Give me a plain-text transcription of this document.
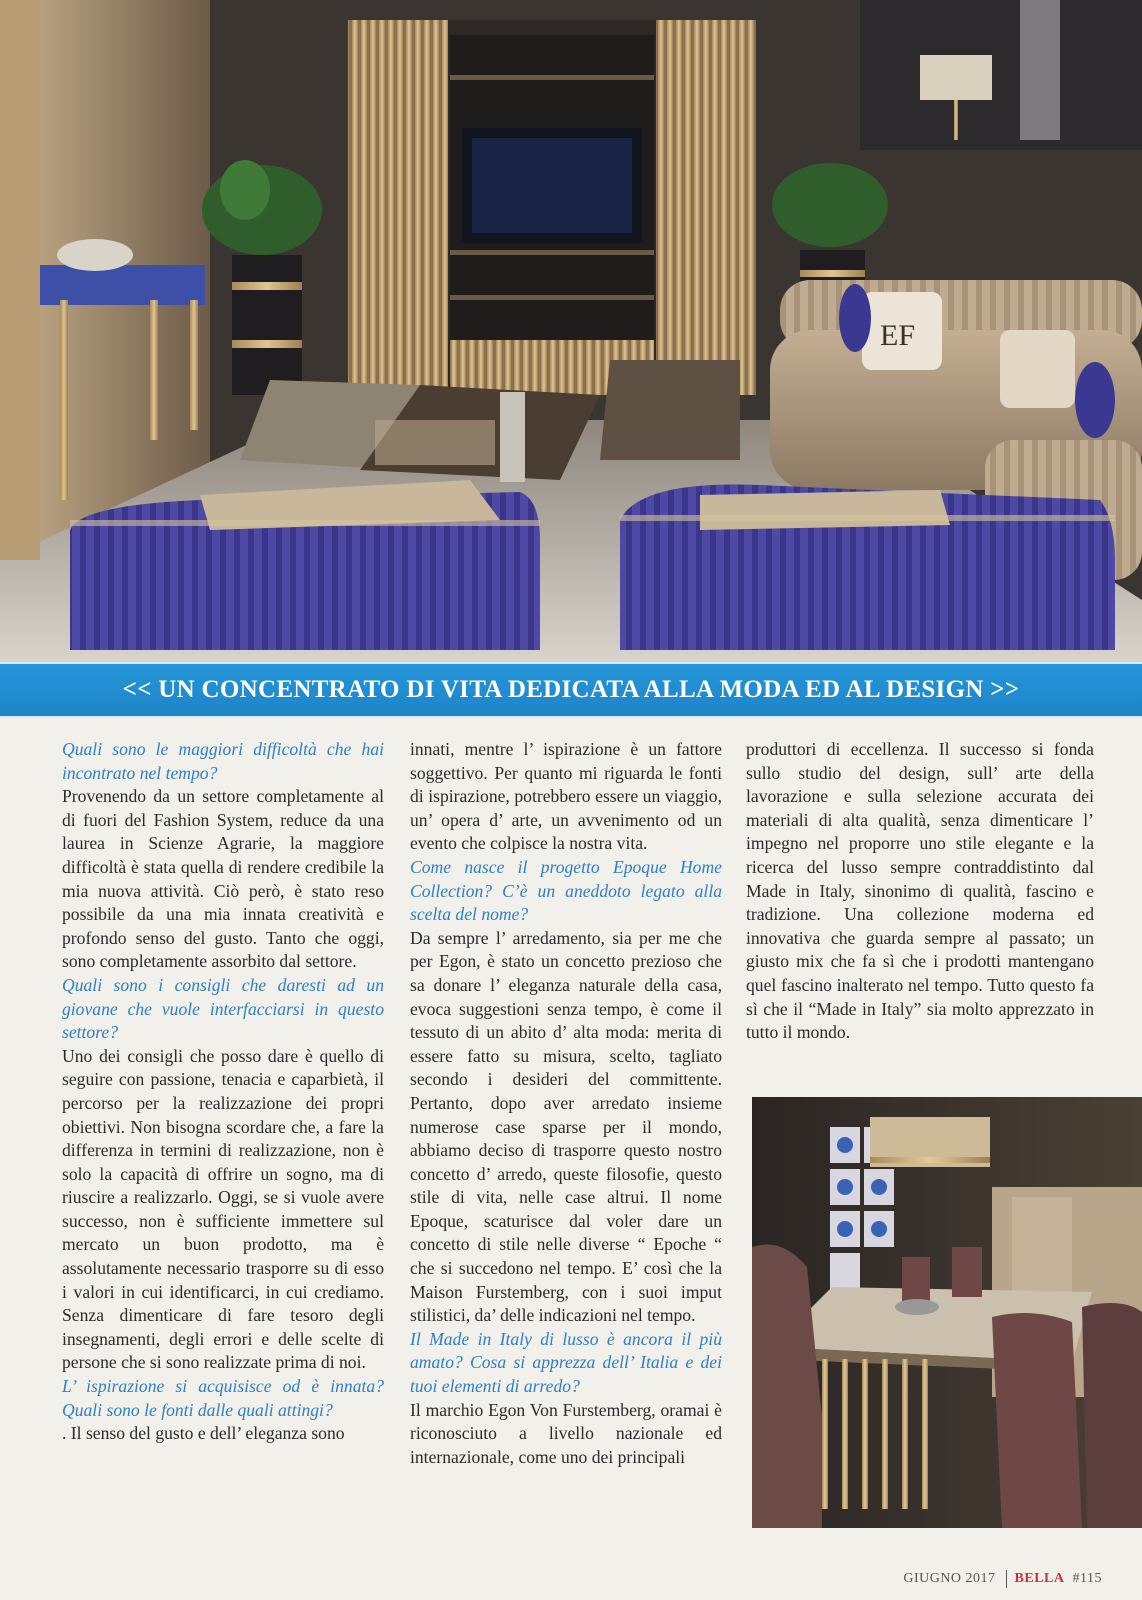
EF
<< UN CONCENTRATO DI VITA DEDICATA ALLA MODA ED AL DESIGN >>

Quali sono le maggiori difficoltà che hai incontrato nel tempo?

Provenendo da un settore completamente al di fuori del Fashion System, reduce da una laurea in Scienze Agrarie, la maggiore difficoltà è stata quella di rendere credibile la mia nuova attività. Ciò però, è stato reso possibile da una mia innata creatività e profondo senso del gusto. Tanto che oggi, sono completamente assorbito dal settore.

Quali sono i consigli che daresti ad un giovane che vuole interfacciarsi in questo settore?

Uno dei consigli che posso dare è quello di seguire con passione, tenacia e caparbietà, il percorso per la realizzazione dei propri obiettivi. Non bisogna scordare che, a fare la differenza in termini di realizzazione, non è solo la capacità di offrire un sogno, ma di riuscire a realizzarlo. Oggi, se si vuole avere successo, non è sufficiente immettere sul mercato un buon prodotto, ma è assolutamente necessario trasporre su di esso i valori in cui identificarci, in cui crediamo. Senza dimenticare di fare tesoro degli insegnamenti, degli errori e delle scelte di persone che si sono realizzate prima di noi.

L’ ispirazione si acquisisce od è innata? Quali sono le fonti dalle quali attingi?

. Il senso del gusto e dell’ eleganza sono

innati, mentre l’ ispirazione è un fattore soggettivo. Per quanto mi riguarda le fonti di ispirazione, potrebbero essere un viaggio, un’ opera d’ arte, un avvenimento od un evento che colpisce la nostra vita.

Come nasce il progetto Epoque Home Collection? C’è un aneddoto legato alla scelta del nome?

Da sempre l’ arredamento, sia per me che per Egon, è stato un concetto prezioso che sa donare l’ eleganza naturale della casa, evoca suggestioni senza tempo, è come il tessuto di un abito d’ alta moda: merita di essere fatto su misura, scelto, tagliato secondo i desideri del committente. Pertanto, dopo aver arredato insieme numerose case sparse per il mondo, abbiamo deciso di trasporre questo nostro concetto d’ arredo, queste filosofie, questo stile di vita, nelle case altrui. Il nome Epoque, scaturisce dal voler dare un concetto di stile nelle diverse “ Epoche “ che si succedono nel tempo. E’ così che la Maison Furstemberg, con i suoi imput stilistici, da’ delle indicazioni nel tempo.

Il Made in Italy di lusso è ancora il più amato? Cosa si apprezza dell’ Italia e dei tuoi elementi di arredo?

Il marchio Egon Von Furstemberg, oramai è riconosciuto a livello nazionale ed internazionale, come uno dei principali

produttori di eccellenza. Il successo si fonda sullo studio del design, sull’ arte della lavorazione e sulla selezione accurata dei materiali di alta qualità, senza dimenticare l’ impegno nel proporre uno stile elegante e la ricerca del lusso sempre contraddistinto dal Made in Italy, sinonimo di qualità, fascino e tradizione. Una collezione moderna ed innovativa che guarda sempre al passato; un giusto mix che fa sì che i prodotti mantengano quel fascino inalterato nel tempo. Tutto questo fa sì che il “Made in Italy” sia molto apprezzato in tutto il mondo.

GIUGNO 2017 BELLA #115
